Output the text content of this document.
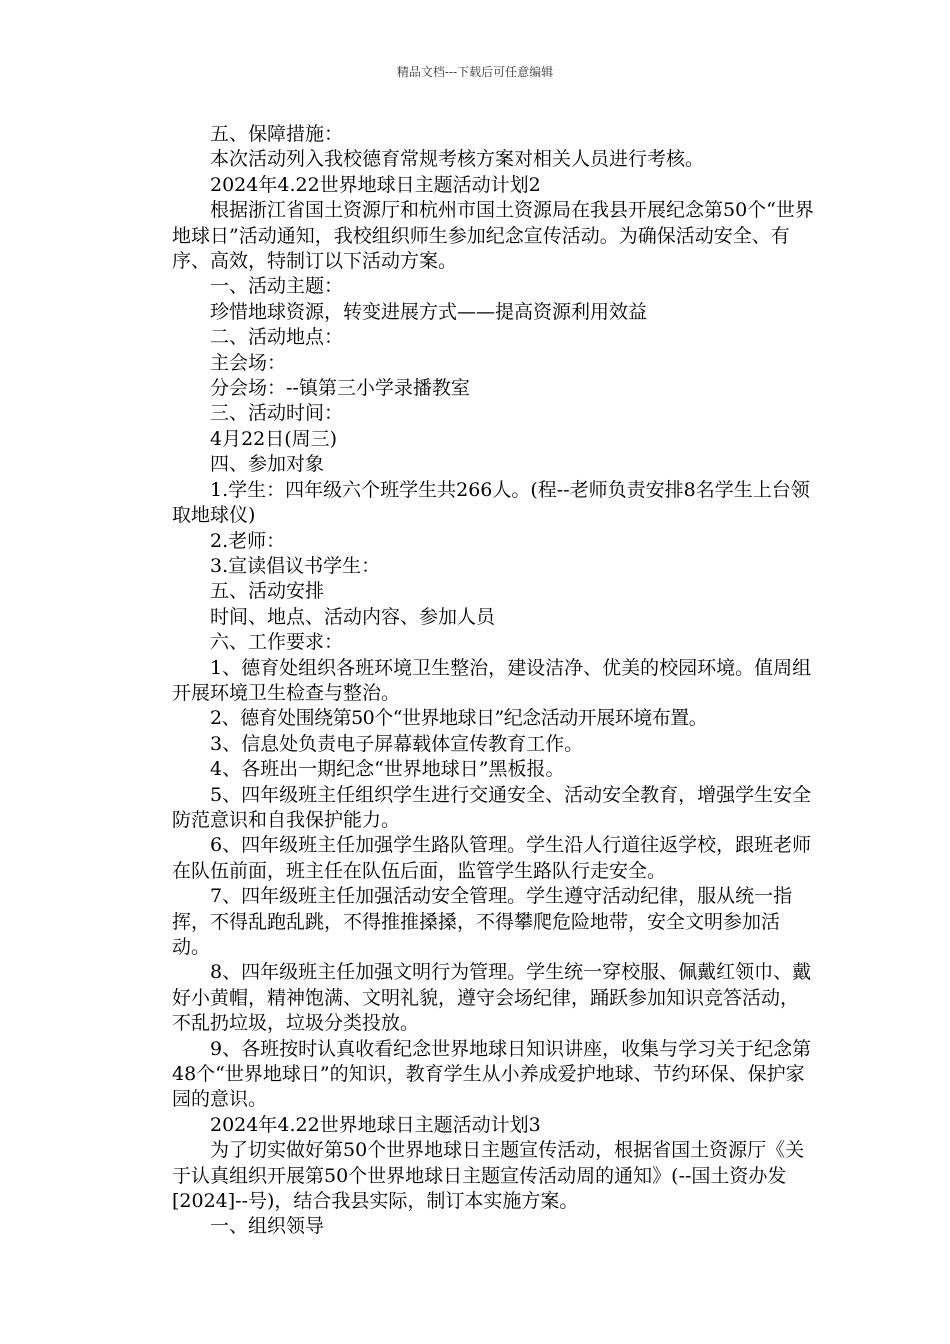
精品文档---下载后可任意编辑

五、保障措施：

本次活动列入我校德育常规考核方案对相关人员进行考核。

2024年4.22世界地球日主题活动计划2

根据浙江省国土资源厅和杭州市国土资源局在我县开展纪念第50个“世界地球日”活动通知，我校组织师生参加纪念宣传活动。为确保活动安全、有序、高效，特制订以下活动方案。

一、活动主题：

珍惜地球资源，转变进展方式——提高资源利用效益

二、活动地点：

主会场：

分会场：--镇第三小学录播教室

三、活动时间：

4月22日(周三)

四、参加对象

1.学生：四年级六个班学生共266人。(程--老师负责安排8名学生上台领取地球仪)

2.老师：

3.宣读倡议书学生：

五、活动安排

时间、地点、活动内容、参加人员

六、工作要求：

1、德育处组织各班环境卫生整治，建设洁净、优美的校园环境。值周组开展环境卫生检查与整治。

2、德育处围绕第50个“世界地球日”纪念活动开展环境布置。

3、信息处负责电子屏幕载体宣传教育工作。

4、各班出一期纪念“世界地球日”黑板报。

5、四年级班主任组织学生进行交通安全、活动安全教育，增强学生安全防范意识和自我保护能力。

6、四年级班主任加强学生路队管理。学生沿人行道往返学校，跟班老师在队伍前面，班主任在队伍后面，监管学生路队行走安全。

7、四年级班主任加强活动安全管理。学生遵守活动纪律，服从统一指挥，不得乱跑乱跳，不得推推搡搡，不得攀爬危险地带，安全文明参加活动。

8、四年级班主任加强文明行为管理。学生统一穿校服、佩戴红领巾、戴好小黄帽，精神饱满、文明礼貌，遵守会场纪律，踊跃参加知识竞答活动，不乱扔垃圾，垃圾分类投放。

9、各班按时认真收看纪念世界地球日知识讲座，收集与学习关于纪念第48个“世界地球日”的知识，教育学生从小养成爱护地球、节约环保、保护家园的意识。

2024年4.22世界地球日主题活动计划3

为了切实做好第50个世界地球日主题宣传活动，根据省国土资源厅《关于认真组织开展第50个世界地球日主题宣传活动周的通知》(--国土资办发[2024]--号)，结合我县实际，制订本实施方案。

一、组织领导
